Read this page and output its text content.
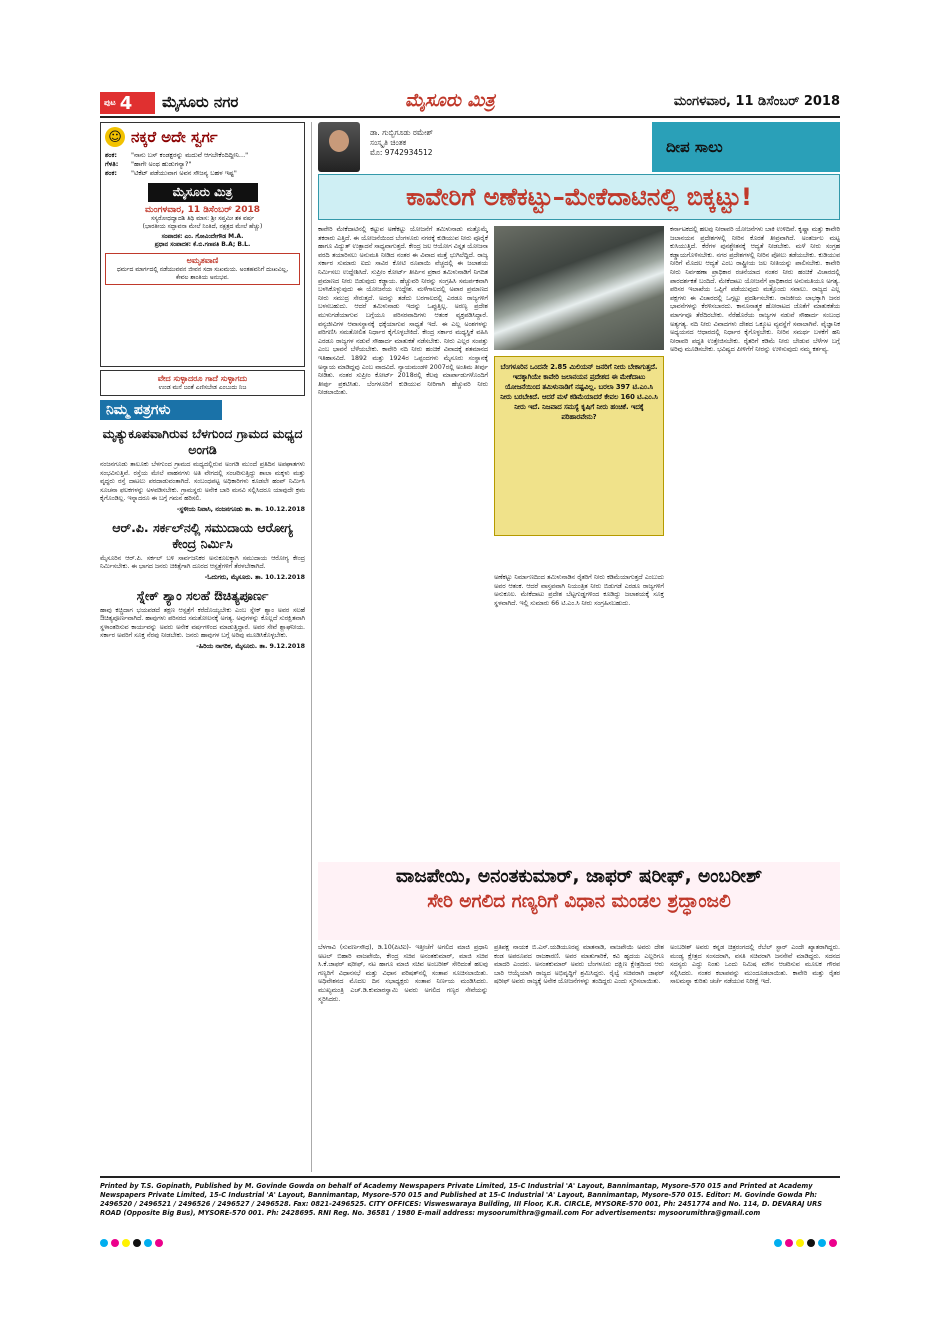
ಪುಟ 4 ಮೈಸೂರು ನಗರ	ಮೈಸೂರು ಮಿತ್ರ	ಮಂಗಳವಾರ, 11 ಡಿಸೆಂಬರ್ 2018
☺ ನಕ್ಕರೆ ಅದೇ ಸ್ವರ್ಗ
ಶಂಕ:	"ನಾನು ಬಸ್ ಕಂಡಕ್ಟರನ್ನು ಮದುವೆ ಆಗಬೇಕೆಂದಿದ್ದೀನಿ..."
ಗೆಳತಿ:	"ಹಾಗೇ ಅಂಥ ಹುಡುಗನ್ಯಾ?"
ಶಂಕ:	"ಟಿಕೆಟ್ ಪಡೆಯುವಾಗ ಅವನ ಸೌಜನ್ಯ ಬಹಳ ಇಷ್ಟ"
ಮೈಸೂರು ಮಿತ್ರ
ಮಂಗಳವಾರ, 11 ಡಿಸೆಂಬರ್ 2018
ಸಸ್ಯರೋಧದ್ವಾದಶಿ ತಿಥಿ ಮಾಸ: ಶ್ರೀ ಸಪ್ತಮೀ ಶಕ ವರ್ಷ
(ಭಾರತೀಯ ಸದ್ಭಾವನಾ ಮೇಲೆ ನಿಂತಿದೆ, ನಕ್ಷತ್ರದ ಮೇಲೆ ಹೆಚ್ಚು)
ಸಂಪಾದಕ: ಎಂ. ಗೋವಿಂದೇಗೌಡ M.A.
ಪ್ರಧಾನ ಸಂಪಾದಕ: ಕೆ.ಬಿ.ಗಣಪತಿ B.A; B.L.
ಅಮೃತವಾಣಿ
ಧರ್ಮದ ಮಾರ್ಗದಲ್ಲಿ ನಡೆಯುವವನ ಜೀವನ ಸದಾ ಸುಖಮಯ. ಅಂತಹವನಿಗೆ ದುಃಖವಿಲ್ಲ, ಕೇವಲ ಶಾಂತಿಯ ಅನುಭವ.
ವೇದ ಸುಳ್ಳಾದರೂ ಗಾದೆ ಸುಳ್ಳಾಗದು
ಉಂಡ ಮನೆ ಜಂತೆ ಎಣಿಸಬೇಡ ಎಂಬುದು ನಿಜ
ನಿಮ್ಮ ಪತ್ರಗಳು
ಮೃತ್ಯುಕೂಪವಾಗಿರುವ ಬೆಳಗುಂದ ಗ್ರಾಮದ ಮಧ್ಯದ ಅಂಗಡಿ
ನಂಜನಗೂಡು ತಾಲೂಕು ಬೆಳಗುಂದ ಗ್ರಾಮದ ಮಧ್ಯದಲ್ಲಿರುವ ಅಂಗಡಿ ಮುಂದೆ ಪ್ರತಿದಿನ ಅಪಘಾತಗಳು ಸಂಭವಿಸುತ್ತಿವೆ. ರಸ್ತೆಯ ಮೇಲೆ ವಾಹನಗಳು ಅತಿ ವೇಗದಲ್ಲಿ ಸಂಚರಿಸುತ್ತಿದ್ದು ಶಾಲಾ ಮಕ್ಕಳು ಮತ್ತು ವೃದ್ಧರು ರಸ್ತೆ ದಾಟಲು ಪರದಾಡುವಂತಾಗಿದೆ. ಸಂಬಂಧಪಟ್ಟ ಅಧಿಕಾರಿಗಳು ಕೂಡಲೇ ಹಂಪ್ ನಿರ್ಮಿಸಿ ಸೂಚನಾ ಫಲಕಗಳನ್ನು ಅಳವಡಿಸಬೇಕು. ಗ್ರಾಮಸ್ಥರು ಅನೇಕ ಬಾರಿ ಮನವಿ ಸಲ್ಲಿಸಿದರೂ ಯಾವುದೇ ಕ್ರಮ ಕೈಗೊಂಡಿಲ್ಲ. ಇನ್ನಾದರೂ ಈ ಬಗ್ಗೆ ಗಮನ ಹರಿಸಲಿ.
-ಸ್ಥಳೀಯ ನಿವಾಸಿ, ನಂಜನಗೂಡು ತಾ. ತಾ. 10.12.2018
ಆರ್.ಪಿ. ಸರ್ಕಲ್‌ನಲ್ಲಿ ಸಮುದಾಯ ಆರೋಗ್ಯ ಕೇಂದ್ರ ನಿರ್ಮಿಸಿ
ಮೈಸೂರಿನ ಆರ್.ಪಿ. ಸರ್ಕಲ್ ಬಳಿ ಸಾರ್ವಜನಿಕರ ಅನುಕೂಲಕ್ಕಾಗಿ ಸಮುದಾಯ ಆರೋಗ್ಯ ಕೇಂದ್ರ ನಿರ್ಮಿಸಬೇಕು. ಈ ಭಾಗದ ಜನರು ಚಿಕಿತ್ಸೆಗಾಗಿ ದೂರದ ಆಸ್ಪತ್ರೆಗಳಿಗೆ ತೆರಳಬೇಕಾಗಿದೆ.
-ಓದುಗರು, ಮೈಸೂರು. ತಾ. 10.12.2018
ಸ್ನೇಕ್ ಶ್ಯಾಂ ಸಲಹೆ ಔಚಿತ್ಯಪೂರ್ಣ
ಹಾವು ಕಚ್ಚಿದಾಗ ಭಯಪಡದೆ ತಕ್ಷಣ ಆಸ್ಪತ್ರೆಗೆ ಕರೆದೊಯ್ಯಬೇಕು ಎಂಬ ಸ್ನೇಕ್ ಶ್ಯಾಂ ಅವರ ಸಲಹೆ ಔಚಿತ್ಯಪೂರ್ಣವಾಗಿದೆ. ಹಾವುಗಳು ಪರಿಸರದ ಸಮತೋಲನಕ್ಕೆ ಅಗತ್ಯ. ಅವುಗಳನ್ನು ಕೊಲ್ಲದೆ ಸುರಕ್ಷಿತವಾಗಿ ಸ್ಥಳಾಂತರಿಸುವ ಕಾರ್ಯವನ್ನು ಅವರು ಅನೇಕ ವರ್ಷಗಳಿಂದ ಮಾಡುತ್ತಿದ್ದಾರೆ. ಅವರ ಸೇವೆ ಶ್ಲಾಘನೀಯ. ಸರ್ಕಾರ ಅವರಿಗೆ ಸೂಕ್ತ ನೆರವು ನೀಡಬೇಕು. ಜನರು ಹಾವುಗಳ ಬಗ್ಗೆ ಅರಿವು ಮೂಡಿಸಿಕೊಳ್ಳಬೇಕು.
-ಹಿರಿಯ ನಾಗರಿಕ, ಮೈಸೂರು. ತಾ. 9.12.2018
ಡಾ. ಗುಬ್ಬಿಗೂಡು ರಮೇಶ್
ಸಂಸ್ಕೃತಿ ಚಿಂತಕ
ಮೊ: 9742934512	ದೀಪ ಸಾಲು
ಕಾವೇರಿಗೆ ಅಣೆಕಟ್ಟು–ಮೇಕೆದಾಟಿನಲ್ಲಿ ಬಿಕ್ಕಟ್ಟು!
ಕಾವೇರಿ ಮೇಕೆದಾಟಿನಲ್ಲಿ ಕಟ್ಟುವ ಅಣೆಕಟ್ಟು ಯೋಜನೆಗೆ ತಮಿಳುನಾಡು ಮತ್ತೊಮ್ಮೆ ತಕರಾರು ಎತ್ತಿದೆ. ಈ ಯೋಜನೆಯಿಂದ ಬೆಂಗಳೂರು ನಗರಕ್ಕೆ ಕುಡಿಯುವ ನೀರು ಪೂರೈಕೆ ಹಾಗೂ ವಿದ್ಯುತ್ ಉತ್ಪಾದನೆ ಸಾಧ್ಯವಾಗುತ್ತದೆ. ಕೇಂದ್ರ ಜಲ ಆಯೋಗ ವಿಸ್ತೃತ ಯೋಜನಾ ವರದಿ ತಯಾರಿಸಲು ಅನುಮತಿ ನೀಡಿದ ನಂತರ ಈ ವಿವಾದ ಮತ್ತೆ ಭುಗಿಲೆದ್ದಿದೆ. ರಾಜ್ಯ ಸರ್ಕಾರ ಸುಮಾರು ಐದು ಸಾವಿರ ಕೋಟಿ ರೂಪಾಯಿ ವೆಚ್ಚದಲ್ಲಿ ಈ ಜಲಾಶಯ ನಿರ್ಮಿಸಲು ಉದ್ದೇಶಿಸಿದೆ. ಸುಪ್ರೀಂ ಕೋರ್ಟ್ ತೀರ್ಪಿನ ಪ್ರಕಾರ ತಮಿಳುನಾಡಿಗೆ ನಿಗದಿತ ಪ್ರಮಾಣದ ನೀರು ಬಿಡುವುದು ಕಡ್ಡಾಯ. ಹೆಚ್ಚುವರಿ ನೀರನ್ನು ಸಂಗ್ರಹಿಸಿ ಸಮರ್ಪಕವಾಗಿ ಬಳಸಿಕೊಳ್ಳುವುದು ಈ ಯೋಜನೆಯ ಉದ್ದೇಶ. ಮಳೆಗಾಲದಲ್ಲಿ ಅಪಾರ ಪ್ರಮಾಣದ ನೀರು ಸಮುದ್ರ ಸೇರುತ್ತದೆ. ಅದನ್ನು ತಡೆದು ಬರಗಾಲದಲ್ಲಿ ಎರಡೂ ರಾಜ್ಯಗಳಿಗೆ ಬಳಸಬಹುದು. ಆದರೆ ತಮಿಳುನಾಡು ಇದನ್ನು ಒಪ್ಪುತ್ತಿಲ್ಲ. ಅರಣ್ಯ ಪ್ರದೇಶ ಮುಳುಗಡೆಯಾಗುವ ಬಗ್ಗೆಯೂ ಪರಿಸರವಾದಿಗಳು ಆತಂಕ ವ್ಯಕ್ತಪಡಿಸಿದ್ದಾರೆ. ವನ್ಯಜೀವಿಗಳ ಆವಾಸಸ್ಥಾನಕ್ಕೆ ಧಕ್ಕೆಯಾಗುವ ಸಾಧ್ಯತೆ ಇದೆ. ಈ ಎಲ್ಲ ಅಂಶಗಳನ್ನು ಪರಿಗಣಿಸಿ ಸಮತೋಲಿತ ನಿರ್ಧಾರ ಕೈಗೊಳ್ಳಬೇಕಿದೆ. ಕೇಂದ್ರ ಸರ್ಕಾರ ಮಧ್ಯಸ್ಥಿಕೆ ವಹಿಸಿ ಎರಡೂ ರಾಜ್ಯಗಳ ನಡುವೆ ಸೌಹಾರ್ದ ಮಾತುಕತೆ ನಡೆಸಬೇಕು. ನೀರು ಎಲ್ಲರ ಸಂಪತ್ತು ಎಂಬ ಭಾವನೆ ಬೆಳೆಯಬೇಕು. ಕಾವೇರಿ ನದಿ ನೀರು ಹಂಚಿಕೆ ವಿವಾದಕ್ಕೆ ಶತಮಾನದ ಇತಿಹಾಸವಿದೆ. 1892 ಮತ್ತು 1924ರ ಒಪ್ಪಂದಗಳು ಮೈಸೂರು ಸಂಸ್ಥಾನಕ್ಕೆ ಅನ್ಯಾಯ ಮಾಡಿದ್ದವು ಎಂಬ ವಾದವಿದೆ. ನ್ಯಾಯಮಂಡಳಿ 2007ರಲ್ಲಿ ಅಂತಿಮ ತೀರ್ಪು ನೀಡಿತು. ನಂತರ ಸುಪ್ರೀಂ ಕೋರ್ಟ್ 2018ರಲ್ಲಿ ಕೆಲವು ಮಾರ್ಪಾಡುಗಳೊಂದಿಗೆ ತೀರ್ಪು ಪ್ರಕಟಿಸಿತು. ಬೆಂಗಳೂರಿಗೆ ಕುಡಿಯುವ ನೀರಿಗಾಗಿ ಹೆಚ್ಚುವರಿ ನೀರು ನೀಡಲಾಯಿತು.
ಬೆಂಗಳೂರಿನ ಒಂದನೇ 2.85 ಮಿಲಿಯನ್ ಜನರಿಗೆ ನೀರು ಬೇಕಾಗುತ್ತದೆ. ಇದಕ್ಕಾಗಿಯೇ ಕಾವೇರಿ ಜಲಾನಯನ ಪ್ರದೇಶದ ಈ ಮೇಕೆದಾಟು ಯೋಜನೆಯಿಂದ ತಮಿಳುನಾಡಿಗೆ ನಷ್ಟವಿಲ್ಲ. ಬರಲಾ 397 ಟಿ.ಎಂ.ಸಿ ನೀರು ಬರಬೇಕಿದೆ. ಆದರೆ ಮಳೆ ಕಡಿಮೆಯಾದರೆ ಕೇವಲ 160 ಟಿ.ಎಂ.ಸಿ ನೀರು ಇದೆ. ನಿಜವಾದ ಸಮಸ್ಯೆ ಕೃಷಿಗೆ ನೀರು ಹಂಚಿಕೆ. ಇದಕ್ಕೆ ಪರಿಹಾರವೇನು?
ಅಣೆಕಟ್ಟು ನಿರ್ಮಾಣದಿಂದ ತಮಿಳುನಾಡಿನ ರೈತರಿಗೆ ನೀರು ಕಡಿಮೆಯಾಗುತ್ತದೆ ಎಂಬುದು ಅವರ ಆತಂಕ. ಆದರೆ ವಾಸ್ತವವಾಗಿ ನಿಯಂತ್ರಿತ ನೀರು ಬಿಡುಗಡೆ ಎರಡೂ ರಾಜ್ಯಗಳಿಗೆ ಅನುಕೂಲ. ಮೇಕೆದಾಟು ಪ್ರದೇಶ ಬೆಟ್ಟಗುಡ್ಡಗಳಿಂದ ಕೂಡಿದ್ದು ಜಲಾಶಯಕ್ಕೆ ಸೂಕ್ತ ಸ್ಥಳವಾಗಿದೆ. ಇಲ್ಲಿ ಸುಮಾರು 66 ಟಿ.ಎಂ.ಸಿ ನೀರು ಸಂಗ್ರಹಿಸಬಹುದು.
ಕರ್ನಾಟಕದಲ್ಲಿ ಹಲವು ನೀರಾವರಿ ಯೋಜನೆಗಳು ಬಾಕಿ ಉಳಿದಿವೆ. ಕೃಷ್ಣಾ ಮತ್ತು ಕಾವೇರಿ ಜಲಾನಯನ ಪ್ರದೇಶಗಳಲ್ಲಿ ನೀರಿನ ಕೊರತೆ ತೀವ್ರವಾಗಿದೆ. ಅಂತರ್ಜಲ ಮಟ್ಟ ಕುಸಿಯುತ್ತಿದೆ. ಕೆರೆಗಳ ಪುನಶ್ಚೇತನಕ್ಕೆ ಆದ್ಯತೆ ನೀಡಬೇಕು. ಮಳೆ ನೀರು ಸಂಗ್ರಹ ಕಡ್ಡಾಯಗೊಳಿಸಬೇಕು. ನಗರ ಪ್ರದೇಶಗಳಲ್ಲಿ ನೀರಿನ ಪೋಲು ತಡೆಯಬೇಕು. ಕುಡಿಯುವ ನೀರಿಗೆ ಮೊದಲ ಆದ್ಯತೆ ಎಂಬ ರಾಷ್ಟ್ರೀಯ ಜಲ ನೀತಿಯನ್ನು ಪಾಲಿಸಬೇಕು. ಕಾವೇರಿ ನೀರು ನಿರ್ವಹಣಾ ಪ್ರಾಧಿಕಾರ ರಚನೆಯಾದ ನಂತರ ನೀರು ಹಂಚಿಕೆ ವಿಚಾರದಲ್ಲಿ ಪಾರದರ್ಶಕತೆ ಬಂದಿದೆ. ಮೇಕೆದಾಟು ಯೋಜನೆಗೆ ಪ್ರಾಧಿಕಾರದ ಅನುಮತಿಯೂ ಅಗತ್ಯ. ಪರಿಸರ ಇಲಾಖೆಯ ಒಪ್ಪಿಗೆ ಪಡೆಯುವುದು ಮತ್ತೊಂದು ಸವಾಲು. ರಾಜ್ಯದ ಎಲ್ಲ ಪಕ್ಷಗಳು ಈ ವಿಚಾರದಲ್ಲಿ ಒಗ್ಗಟ್ಟು ಪ್ರದರ್ಶಿಸಬೇಕು. ರಾಜಕೀಯ ಲಾಭಕ್ಕಾಗಿ ಜನರ ಭಾವನೆಗಳನ್ನು ಕೆರಳಿಸಬಾರದು. ಕಾನೂನಾತ್ಮಕ ಹೋರಾಟದ ಜೊತೆಗೆ ಮಾತುಕತೆಯ ಮಾರ್ಗವೂ ತೆರೆದಿರಬೇಕು. ನೆರೆಹೊರೆಯ ರಾಜ್ಯಗಳ ನಡುವೆ ಸೌಹಾರ್ದ ಸಂಬಂಧ ಅತ್ಯಗತ್ಯ. ನದಿ ನೀರು ವಿವಾದಗಳು ದೇಶದ ಒಕ್ಕೂಟ ವ್ಯವಸ್ಥೆಗೆ ಸವಾಲಾಗಿವೆ. ವೈಜ್ಞಾನಿಕ ಅಧ್ಯಯನದ ಆಧಾರದಲ್ಲಿ ನಿರ್ಧಾರ ಕೈಗೊಳ್ಳಬೇಕು. ನೀರಿನ ಸಮರ್ಥ ಬಳಕೆಗೆ ಹನಿ ನೀರಾವರಿ ಪದ್ಧತಿ ಉತ್ತೇಜಿಸಬೇಕು. ರೈತರಿಗೆ ಕಡಿಮೆ ನೀರು ಬೇಡುವ ಬೆಳೆಗಳ ಬಗ್ಗೆ ಅರಿವು ಮೂಡಿಸಬೇಕು. ಭವಿಷ್ಯದ ಪೀಳಿಗೆಗೆ ನೀರನ್ನು ಉಳಿಸುವುದು ನಮ್ಮ ಕರ್ತವ್ಯ.
ವಾಜಪೇಯಿ, ಅನಂತಕುಮಾರ್, ಜಾಫರ್ ಷರೀಫ್, ಅಂಬರೀಶ್
ಸೇರಿ ಅಗಲಿದ ಗಣ್ಯರಿಗೆ ವಿಧಾನ ಮಂಡಲ ಶ್ರದ್ಧಾಂಜಲಿ
ಬೆಳಗಾವಿ (ಸುವರ್ಣಸೌಧ), ಡಿ.10(ಪಿಟಿಐ)- ಇತ್ತೀಚೆಗೆ ಅಗಲಿದ ಮಾಜಿ ಪ್ರಧಾನಿ ಅಟಲ್ ಬಿಹಾರಿ ವಾಜಪೇಯಿ, ಕೇಂದ್ರ ಸಚಿವ ಅನಂತಕುಮಾರ್, ಮಾಜಿ ಸಚಿವ ಸಿ.ಕೆ.ಜಾಫರ್ ಷರೀಫ್, ನಟ ಹಾಗೂ ಮಾಜಿ ಸಚಿವ ಅಂಬರೀಶ್ ಸೇರಿದಂತೆ ಹಲವು ಗಣ್ಯರಿಗೆ ವಿಧಾನಸಭೆ ಮತ್ತು ವಿಧಾನ ಪರಿಷತ್‌ನಲ್ಲಿ ಸಂತಾಪ ಸೂಚಿಸಲಾಯಿತು. ಅಧಿವೇಶನದ ಮೊದಲ ದಿನ ಸಭಾಧ್ಯಕ್ಷರು ಸಂತಾಪ ನಿರ್ಣಯ ಮಂಡಿಸಿದರು. ಮುಖ್ಯಮಂತ್ರಿ ಎಚ್.ಡಿ.ಕುಮಾರಸ್ವಾಮಿ ಅವರು ಅಗಲಿದ ಗಣ್ಯರ ಸೇವೆಯನ್ನು ಸ್ಮರಿಸಿದರು.
ಪ್ರತಿಪಕ್ಷ ನಾಯಕ ಬಿ.ಎಸ್.ಯಡಿಯೂರಪ್ಪ ಮಾತನಾಡಿ, ವಾಜಪೇಯಿ ಅವರು ದೇಶ ಕಂಡ ಅಪರೂಪದ ರಾಜಕಾರಣಿ. ಅವರ ಮಾತುಗಾರಿಕೆ, ಕವಿ ಹೃದಯ ಎಲ್ಲರಿಗೂ ಮಾದರಿ ಎಂದರು. ಅನಂತಕುಮಾರ್ ಅವರು ಬೆಂಗಳೂರು ದಕ್ಷಿಣ ಕ್ಷೇತ್ರದಿಂದ ಆರು ಬಾರಿ ಆಯ್ಕೆಯಾಗಿ ರಾಜ್ಯದ ಅಭಿವೃದ್ಧಿಗೆ ಶ್ರಮಿಸಿದ್ದರು. ರೈಲ್ವೆ ಸಚಿವರಾಗಿ ಜಾಫರ್ ಷರೀಫ್ ಅವರು ರಾಜ್ಯಕ್ಕೆ ಅನೇಕ ಯೋಜನೆಗಳನ್ನು ತಂದಿದ್ದರು ಎಂದು ಸ್ಮರಿಸಲಾಯಿತು.
ಅಂಬರೀಶ್ ಅವರು ಕನ್ನಡ ಚಿತ್ರರಂಗದಲ್ಲಿ ರೆಬೆಲ್ ಸ್ಟಾರ್ ಎಂದೇ ಖ್ಯಾತರಾಗಿದ್ದರು. ಮಂಡ್ಯ ಕ್ಷೇತ್ರದ ಸಂಸದರಾಗಿ, ವಸತಿ ಸಚಿವರಾಗಿ ಜನಸೇವೆ ಮಾಡಿದ್ದರು. ಸದನದ ಸದಸ್ಯರು ಎದ್ದು ನಿಂತು ಒಂದು ನಿಮಿಷ ಮೌನ ಆಚರಿಸುವ ಮೂಲಕ ಗೌರವ ಸಲ್ಲಿಸಿದರು. ನಂತರ ಕಲಾಪವನ್ನು ಮುಂದೂಡಲಾಯಿತು. ಕಾವೇರಿ ಮತ್ತು ರೈತರ ಸಾಲಮನ್ನಾ ಕುರಿತು ಚರ್ಚೆ ನಡೆಯುವ ನಿರೀಕ್ಷೆ ಇದೆ.
Printed by T.S. Gopinath, Published by M. Govinde Gowda on behalf of Academy Newspapers Private Limited, 15-C Industrial 'A' Layout, Bannimantap, Mysore-570 015 and Printed at Academy Newspapers Private Limited, 15-C Industrial 'A' Layout, Bannimantap, Mysore-570 015 and Published at 15-C Industrial 'A' Layout, Bannimantap, Mysore-570 015. Editor: M. Govinde Gowda Ph: 2496520 / 2496521 / 2496526 / 2496527 / 2496528. Fax: 0821-2496525. CITY OFFICES: Visweswaraya Building, III Floor, K.R. CIRCLE, MYSORE-570 001, Ph: 2451774 and No. 114, D. DEVARAJ URS ROAD (Opposite Big Bus), MYSORE-570 001. Ph: 2428695. RNI Reg. No. 36581 / 1980 E-mail address: mysoorumithra@gmail.com For advertisements: mysoorumithra@gmail.com
